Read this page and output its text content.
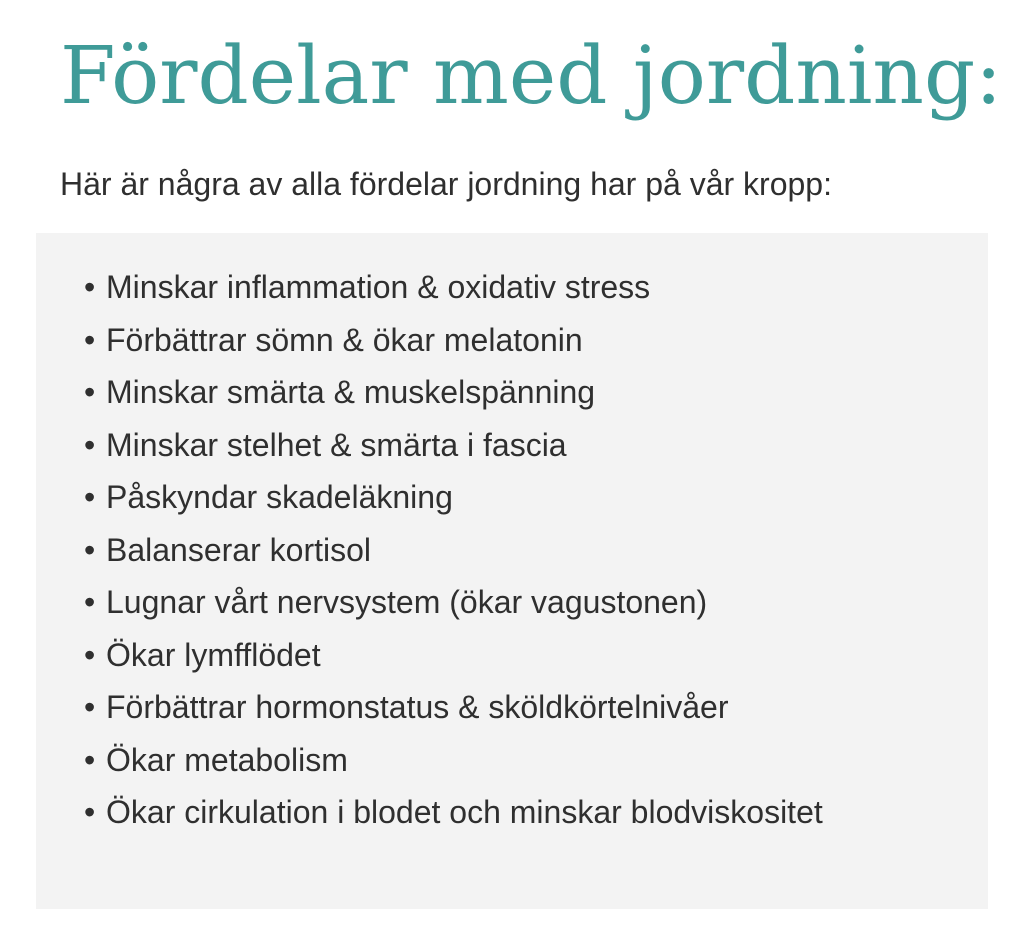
Fördelar med jordning:

Här är några av alla fördelar jordning har på vår kropp:

• Minskar inflammation & oxidativ stress
• Förbättrar sömn & ökar melatonin
• Minskar smärta & muskelspänning
• Minskar stelhet & smärta i fascia
• Påskyndar skadeläkning
• Balanserar kortisol
• Lugnar vårt nervsystem (ökar vagustonen)
• Ökar lymfflödet
• Förbättrar hormonstatus & sköldkörtelnivåer
• Ökar metabolism
• Ökar cirkulation i blodet och minskar blodviskositet
